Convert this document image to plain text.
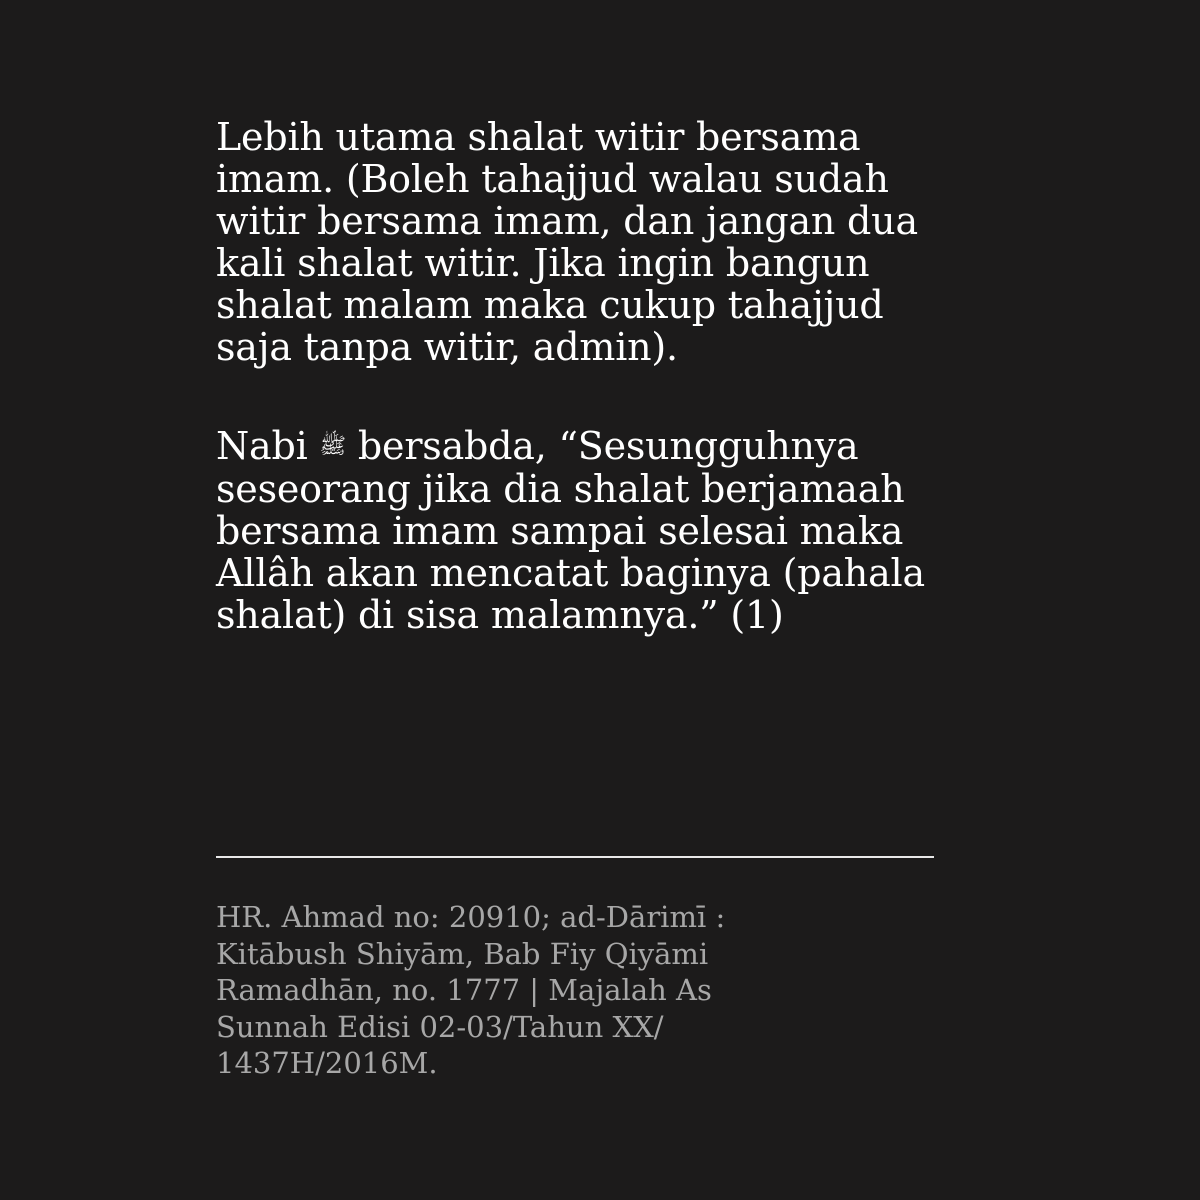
Lebih utama shalat witir bersama
imam. (Boleh tahajjud walau sudah
witir bersama imam, dan jangan dua
kali shalat witir. Jika ingin bangun
shalat malam maka cukup tahajjud
saja tanpa witir, admin).
Nabi ﷺ bersabda, “Sesungguhnya
seseorang jika dia shalat berjamaah
bersama imam sampai selesai maka
Allâh akan mencatat baginya (pahala
shalat) di sisa malamnya.” (1)
HR. Ahmad no: 20910; ad-Dārimī :
Kitābush Shiyām, Bab Fiy Qiyāmi
Ramadhān, no. 1777 | Majalah As
Sunnah Edisi 02-03/Tahun XX/
1437H/2016M.
